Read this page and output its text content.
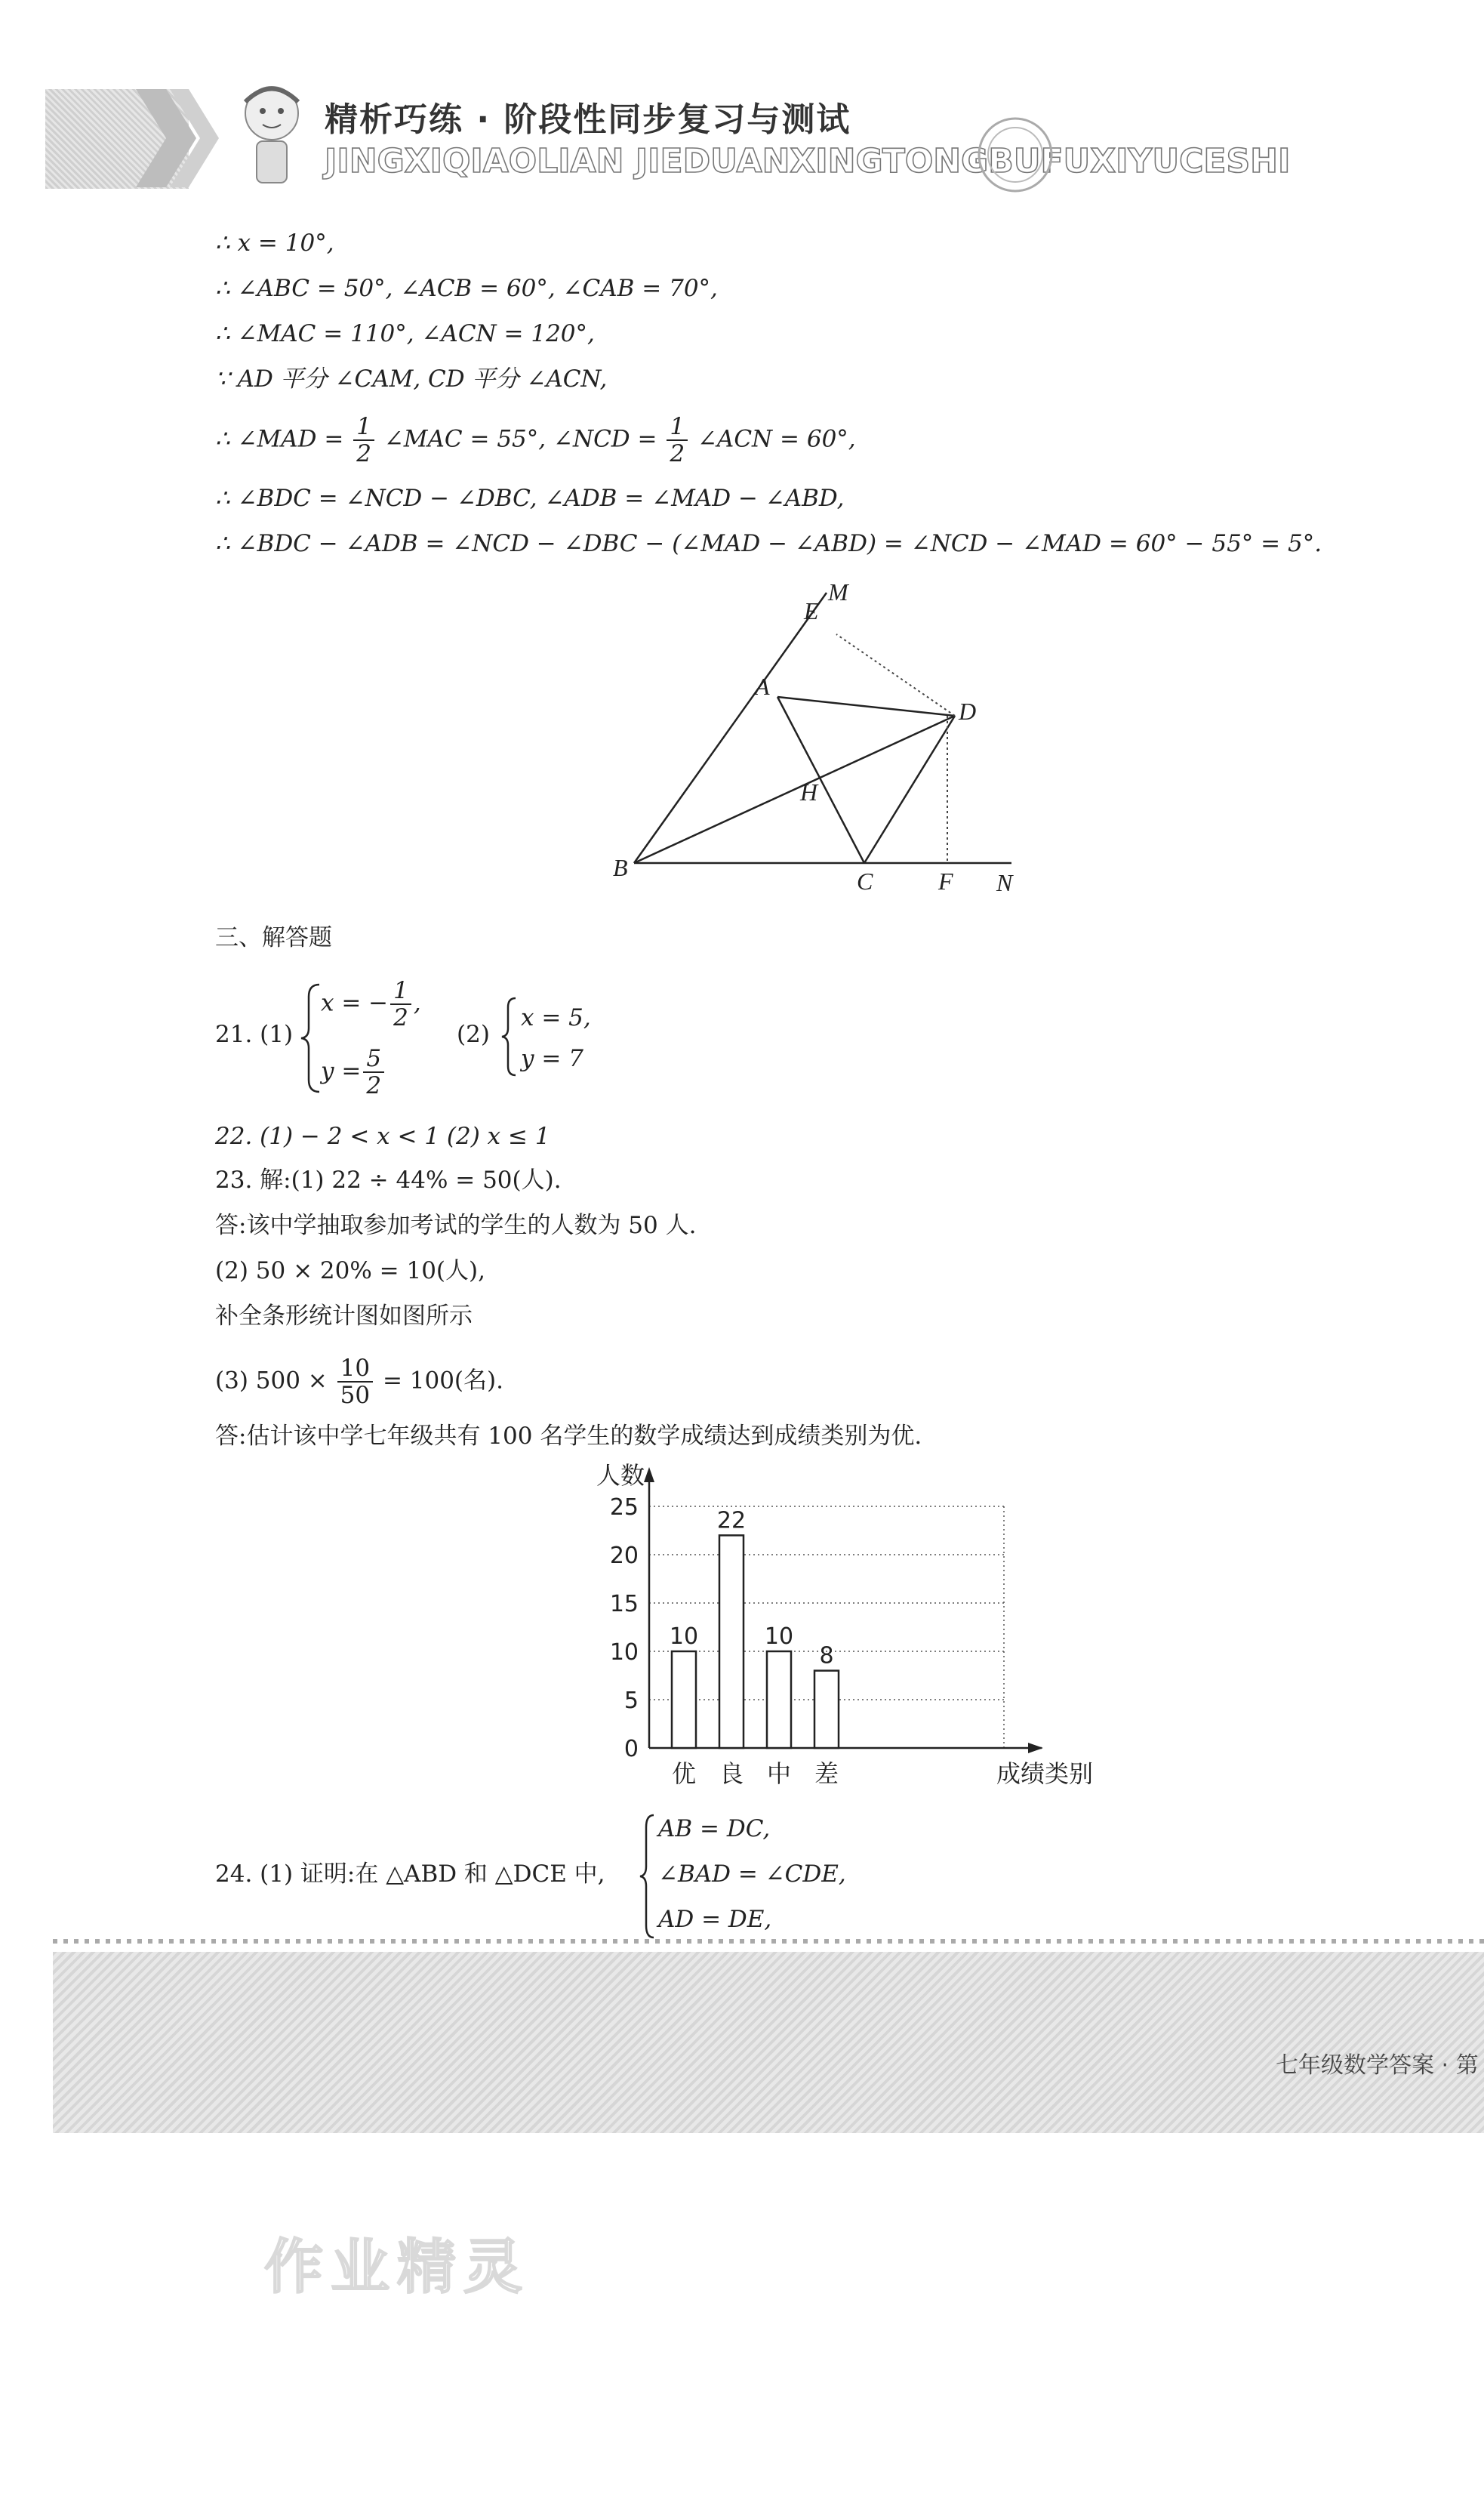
精析巧练 · 阶段性同步复习与测试
JINGXIQIAOLIAN JIEDUANXINGTONGBUFUXIYUCESHI
∴ x = 10°,
∴ ∠ABC = 50°, ∠ACB = 60°, ∠CAB = 70°,
∴ ∠MAC = 110°, ∠ACN = 120°,
∵ AD 平分 ∠CAM, CD 平分 ∠ACN,
∴ ∠MAD = $\frac{1}{2}$ ∠MAC = 55°, ∠NCD = $\frac{1}{2}$ ∠ACN = 60°,
∴ ∠BDC = ∠NCD − ∠DBC, ∠ADB = ∠MAD − ∠ABD,
∴ ∠BDC − ∠ADB = ∠NCD − ∠DBC − (∠MAD − ∠ABD) = ∠NCD − ∠MAD = 60° − 55° = 5°.
M
E
A
D
H
B	C	F N
三、解答题
21. (1)
x = − $\frac{1}{2}$ ,
$y = \frac{5}{2}$
(2)
x = 5,
y = 7
22. (1) − 2 < x < 1 (2) x ≤ 1
23. 解:(1) 22 ÷ 44% = 50(人).
答:该中学抽取参加考试的学生的人数为 50 人.
(2) 50 × 20% = 10(人),
补全条形统计图如图所示
(3) $500 \times \frac{10}{50} = 100$(名).
答:估计该中学七年级共有 100 名学生的数学成绩达到成绩类别为优.
0
5
10
15
20
25
人数
成绩类别
10
优
22
良
10
中
8
差
24. (1) 证明:在 △ABD 和 △DCE 中,
AB = DC,
∠BAD = ∠CDE,
AD = DE,
七年级数学答案 · 第
作业精灵
